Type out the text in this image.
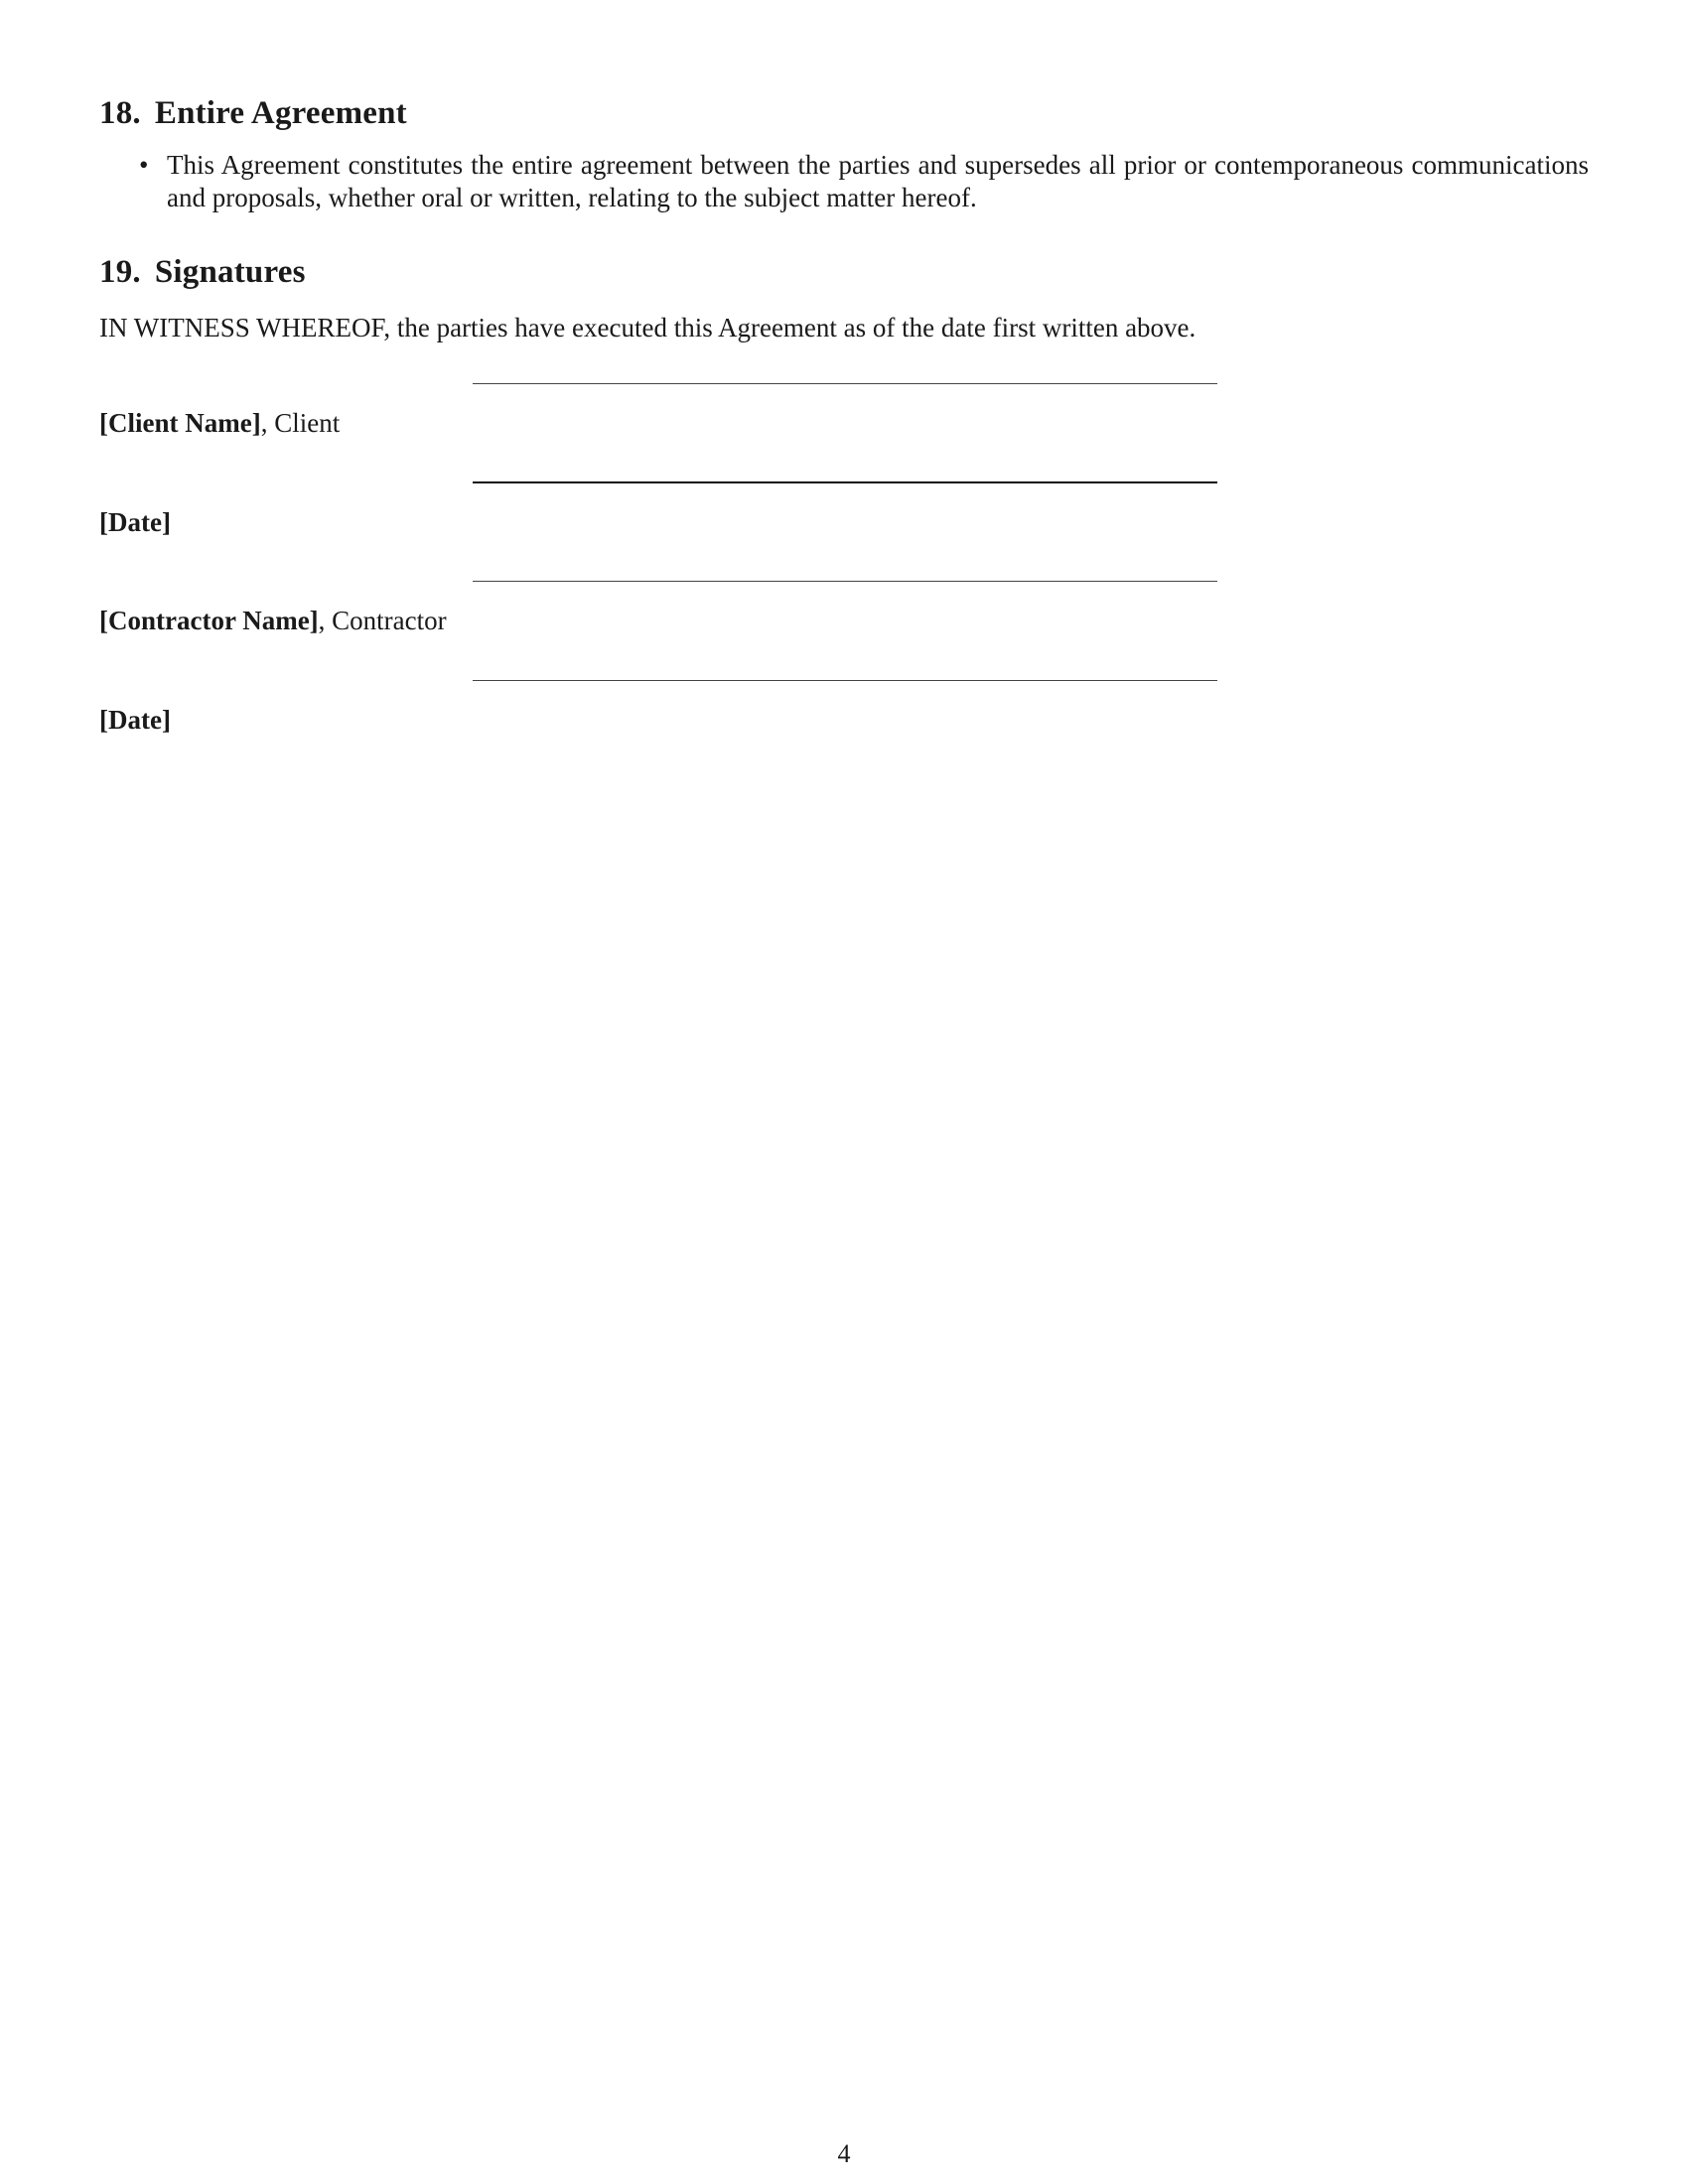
18. Entire Agreement
• This Agreement constitutes the entire agreement between the parties and supersedes all prior or contemporaneous communications and proposals, whether oral or written, relating to the subject matter hereof.
19. Signatures

IN WITNESS WHEREOF, the parties have executed this Agreement as of the date first written above.

[Client Name], Client
[Date]
[Contractor Name], Contractor
[Date]
4
